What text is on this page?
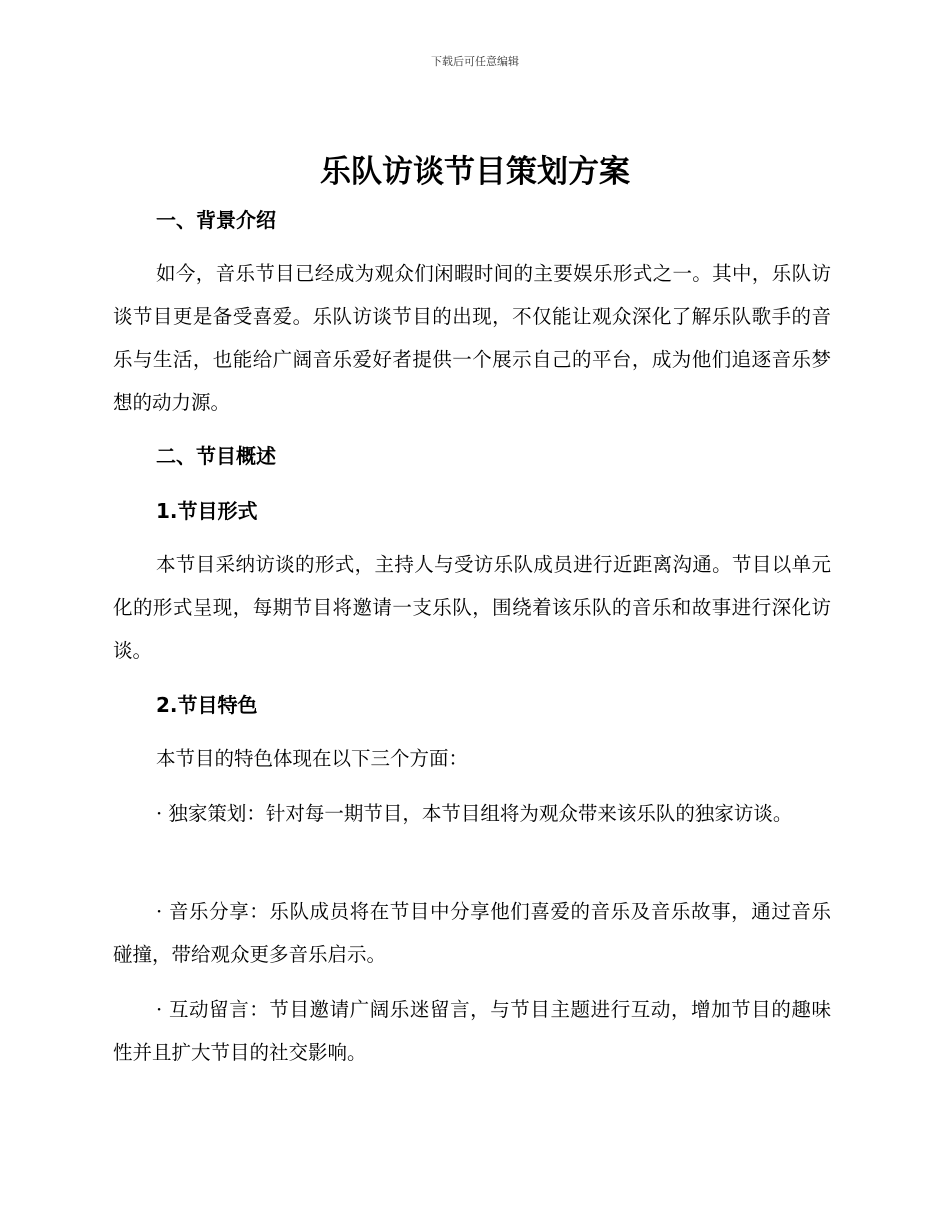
下载后可任意编辑
乐队访谈节目策划方案
一、背景介绍
如今，音乐节目已经成为观众们闲暇时间的主要娱乐形式之一。其中，乐队访谈节目更是备受喜爱。乐队访谈节目的出现，不仅能让观众深化了解乐队歌手的音乐与生活，也能给广阔音乐爱好者提供一个展示自己的平台，成为他们追逐音乐梦想的动力源。
二、节目概述
1.节目形式
本节目采纳访谈的形式，主持人与受访乐队成员进行近距离沟通。节目以单元化的形式呈现，每期节目将邀请一支乐队，围绕着该乐队的音乐和故事进行深化访谈。
2.节目特色
本节目的特色体现在以下三个方面：
· 独家策划：针对每一期节目，本节目组将为观众带来该乐队的独家访谈。
· 音乐分享：乐队成员将在节目中分享他们喜爱的音乐及音乐故事，通过音乐碰撞，带给观众更多音乐启示。
· 互动留言：节目邀请广阔乐迷留言，与节目主题进行互动，增加节目的趣味性并且扩大节目的社交影响。
